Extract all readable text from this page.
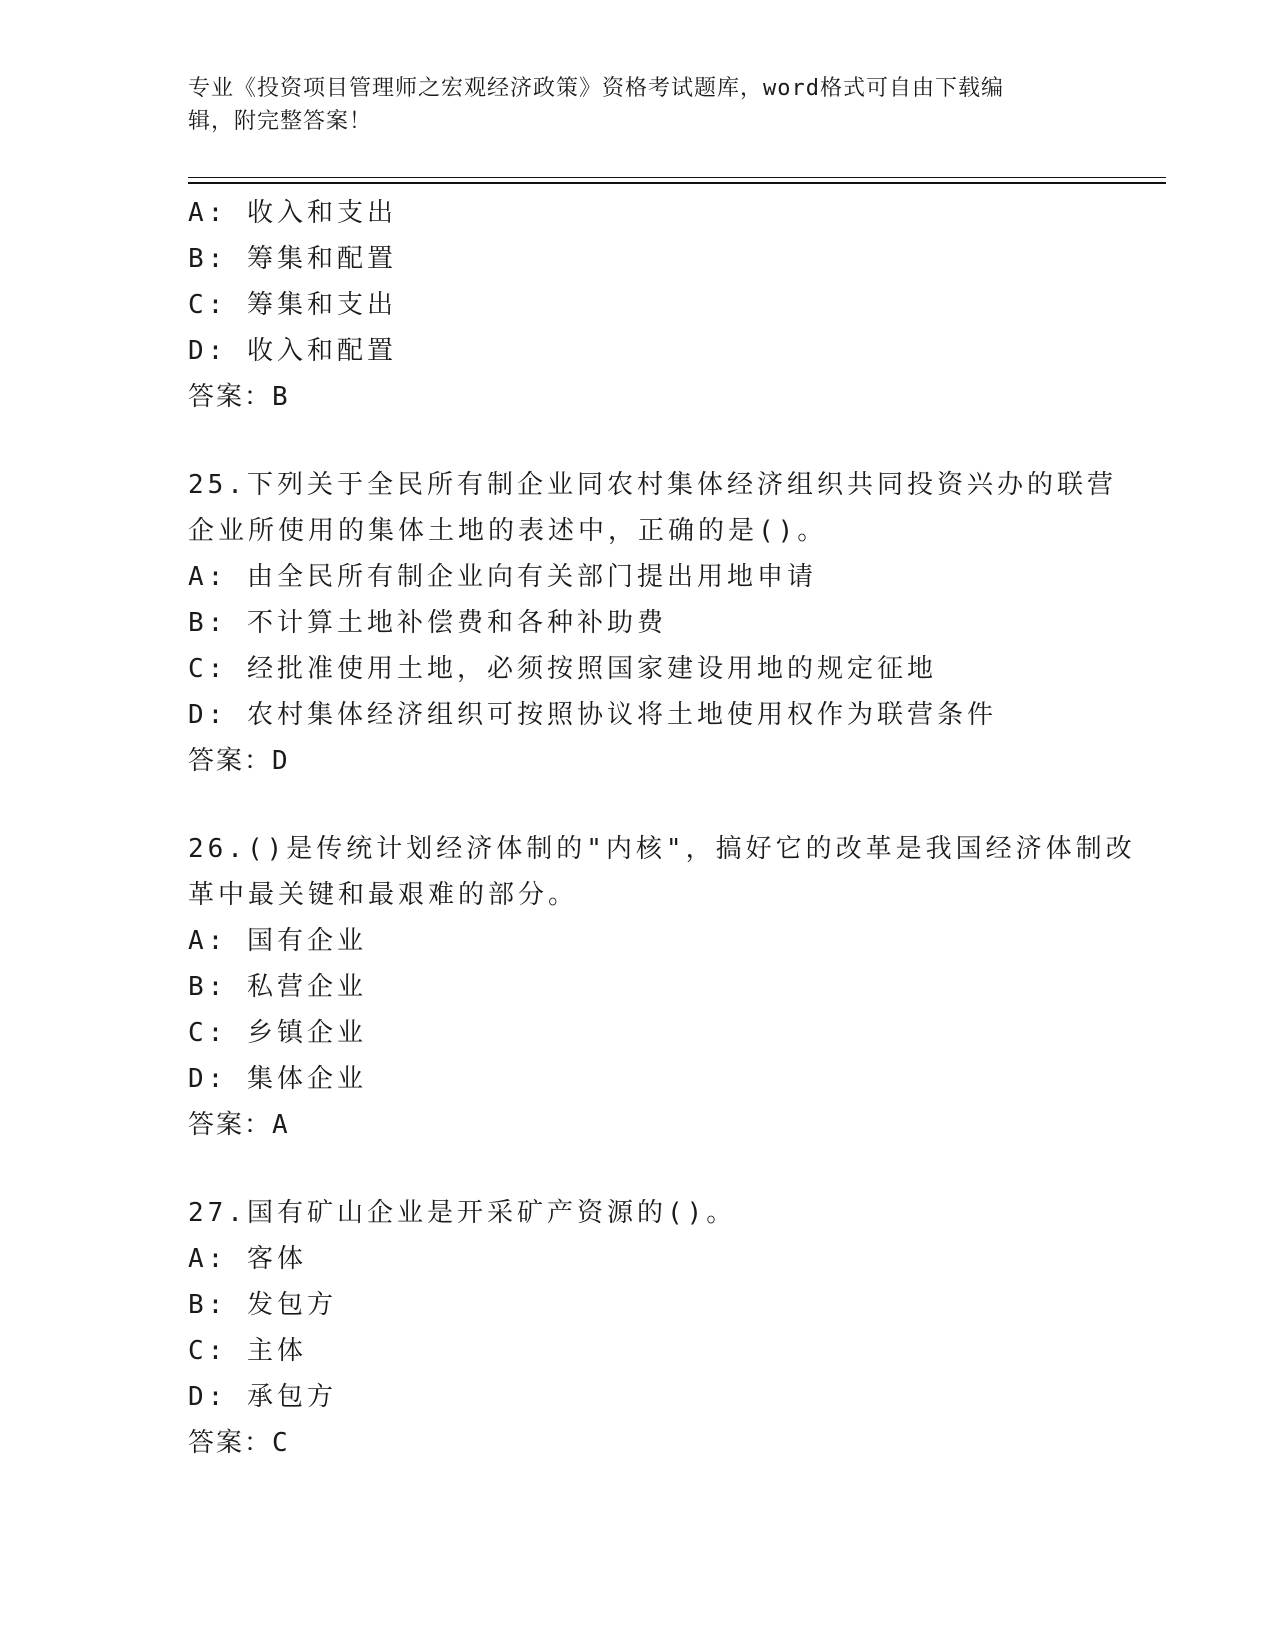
专业《投资项目管理师之宏观经济政策》资格考试题库，word格式可自由下载编
辑，附完整答案！
A: 收入和支出
B: 筹集和配置
C: 筹集和支出
D: 收入和配置
答案：B
25.下列关于全民所有制企业同农村集体经济组织共同投资兴办的联营
企业所使用的集体土地的表述中，正确的是()。
A: 由全民所有制企业向有关部门提出用地申请
B: 不计算土地补偿费和各种补助费
C: 经批准使用土地，必须按照国家建设用地的规定征地
D: 农村集体经济组织可按照协议将土地使用权作为联营条件
答案：D
26.()是传统计划经济体制的"内核"，搞好它的改革是我国经济体制改
革中最关键和最艰难的部分。
A: 国有企业
B: 私营企业
C: 乡镇企业
D: 集体企业
答案：A
27.国有矿山企业是开采矿产资源的()。
A: 客体
B: 发包方
C: 主体
D: 承包方
答案：C
